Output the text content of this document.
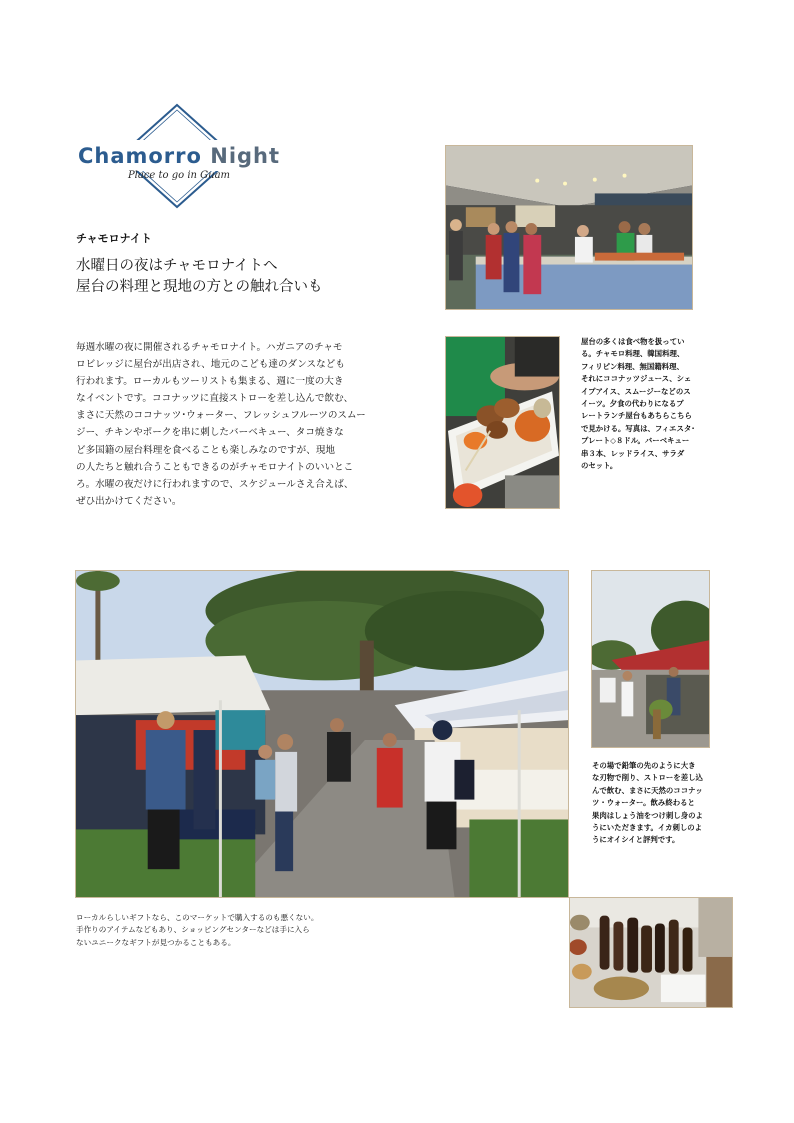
Chamorro Night
Place to go in Guam
チャモロナイト
水曜日の夜はチャモロナイトへ
屋台の料理と現地の方との触れ合いも
毎週水曜の夜に開催されるチャモロナイト。ハガニアのチャモ
ロビレッジに屋台が出店され、地元のこども達のダンスなども
行われます。ローカルもツーリストも集まる、週に一度の大き
なイベントです。ココナッツに直接ストローを差し込んで飲む、
まさに天然のココナッツ･ウォーター、フレッシュフルーツのスムー
ジー、チキンやポークを串に刺したバーベキュー、タコ焼きな
ど多国籍の屋台料理を食べることも楽しみなのですが、現地
の人たちと触れ合うこともできるのがチャモロナイトのいいとこ
ろ。水曜の夜だけに行われますので、スケジュールさえ合えば、
ぜひ出かけてください。
屋台の多くは食べ物を扱ってい
る。チャモロ料理、韓国料理、
フィリピン料理、無国籍料理、
それにココナッツジュース、シェ
イプアイス、スムージーなどのス
イーツ。夕食の代わりになるプ
レートランチ屋台もあちらこちら
で見かける。写真は、フィエスタ･
プレート◇８ドル。バーベキュー
串３本、レッドライス、サラダ
のセット。
その場で鉛筆の先のように大き
な刃物で削り、ストローを差し込
んで飲む、まさに天然のココナッ
ツ・ウォーター。飲み終わると
果肉はしょう油をつけ刺し身のよ
うにいただきます。イカ刺しのよ
うにオイシイと評判です。
ローカルらしいギフトなら、このマーケットで購入するのも悪くない。
手作りのアイテムなどもあり、ショッピングセンターなどは手に入ら
ないユニークなギフトが見つかることもある。
